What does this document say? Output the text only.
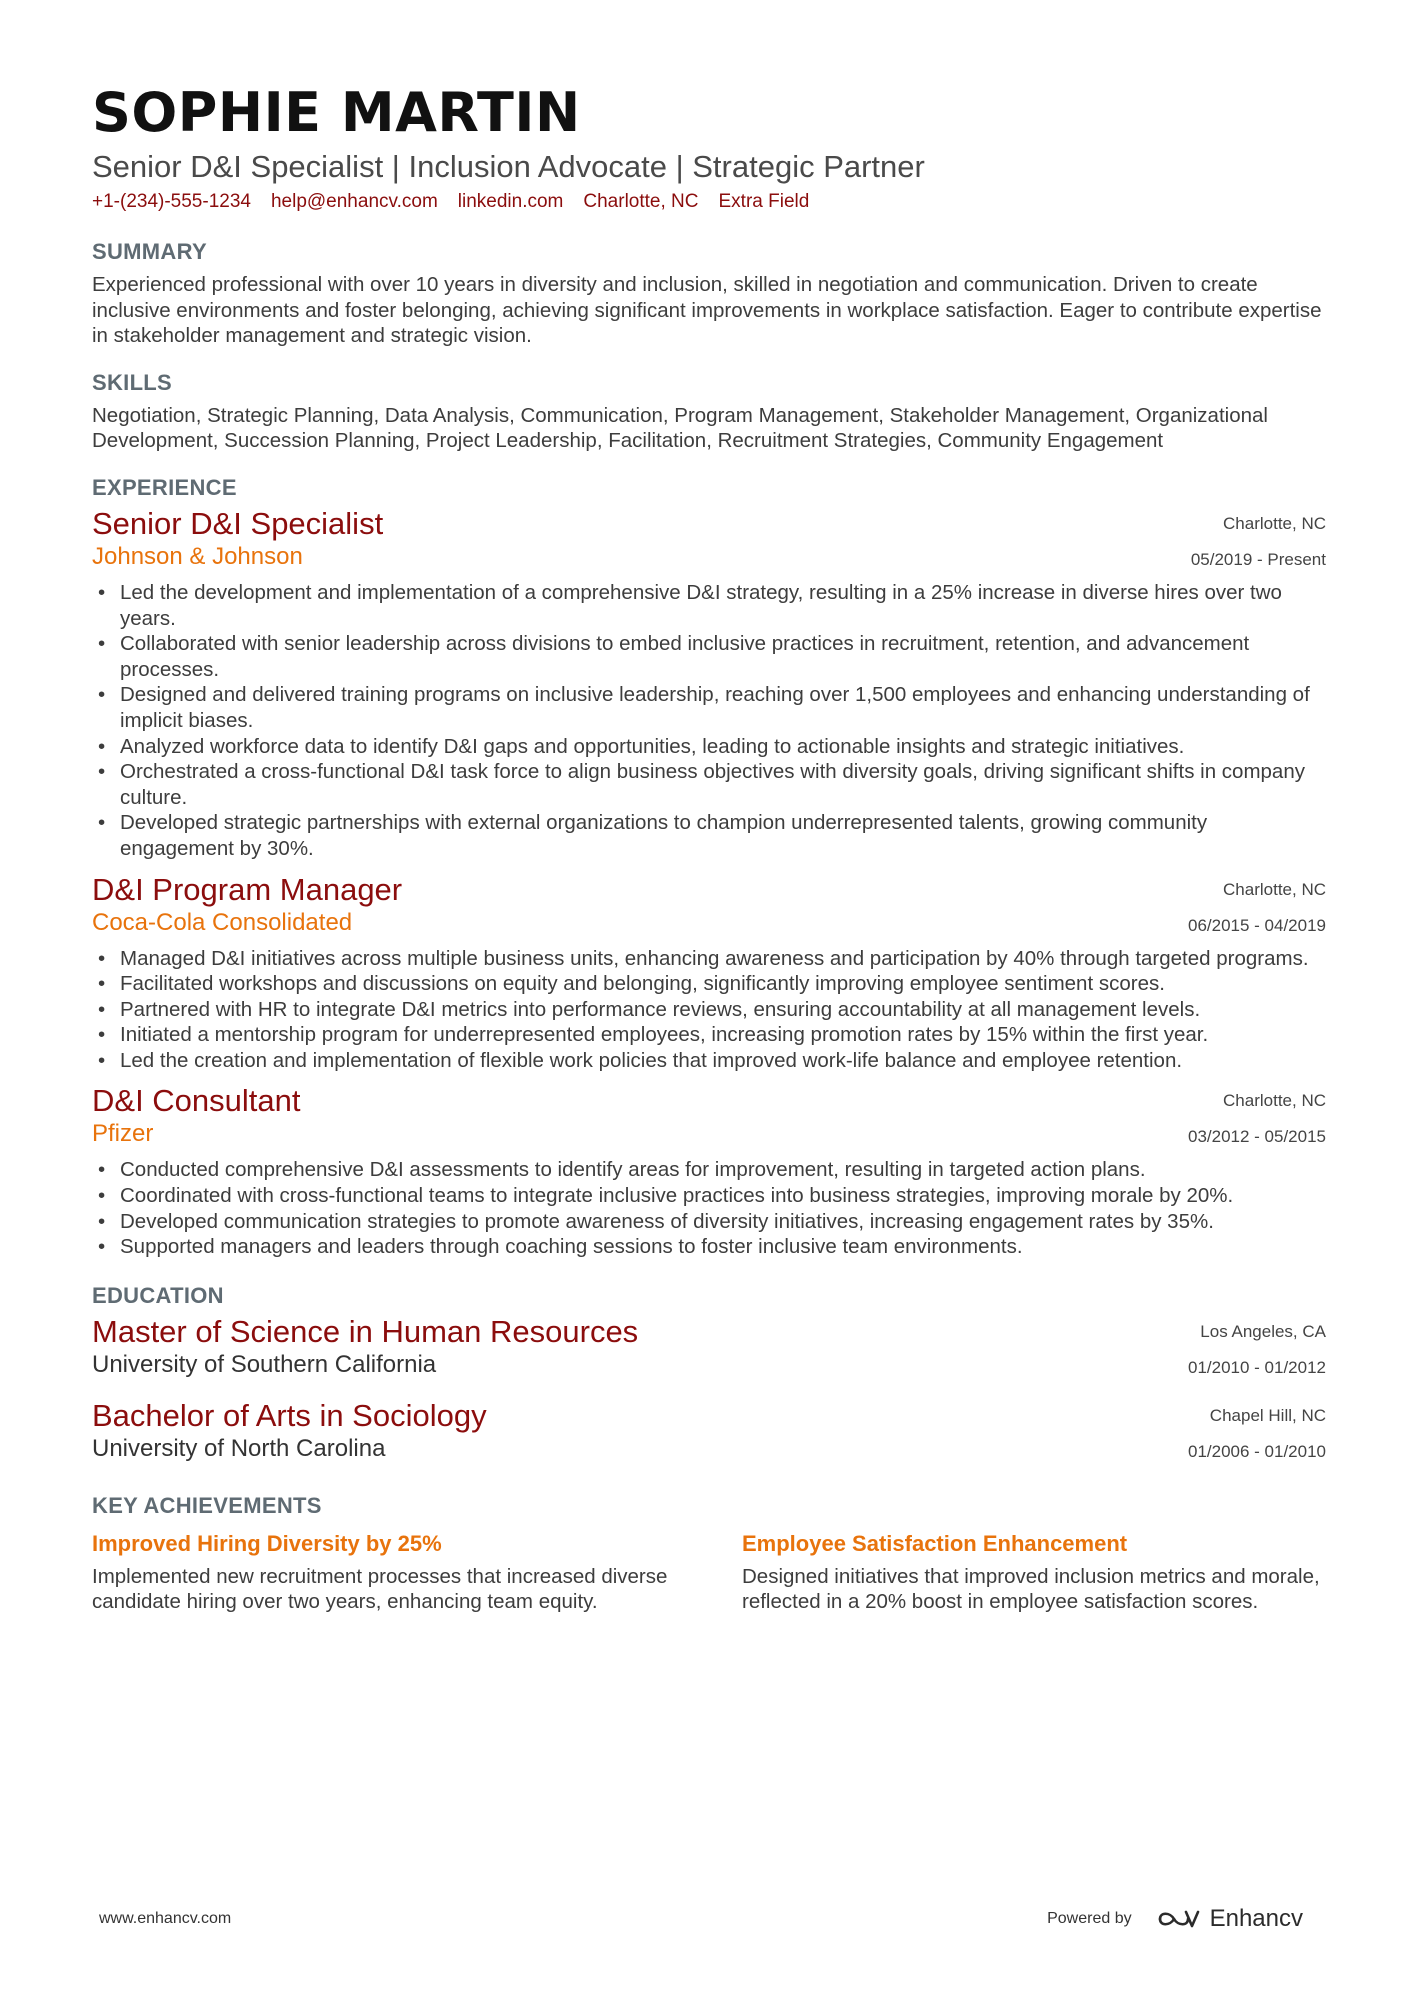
SOPHIE MARTIN
Senior D&I Specialist | Inclusion Advocate | Strategic Partner
+1-(234)-555-1234 help@enhancv.com linkedin.com Charlotte, NC Extra Field
SUMMARY
Experienced professional with over 10 years in diversity and inclusion, skilled in negotiation and communication. Driven to create inclusive environments and foster belonging, achieving significant improvements in workplace satisfaction. Eager to contribute expertise in stakeholder management and strategic vision.
SKILLS
Negotiation, Strategic Planning, Data Analysis, Communication, Program Management, Stakeholder Management, Organizational Development, Succession Planning, Project Leadership, Facilitation, Recruitment Strategies, Community Engagement
EXPERIENCE
Senior D&I Specialist
Johnson & Johnson
Charlotte, NC
05/2019 - Present
• Led the development and implementation of a comprehensive D&I strategy, resulting in a 25% increase in diverse hires over two years.
• Collaborated with senior leadership across divisions to embed inclusive practices in recruitment, retention, and advancement processes.
• Designed and delivered training programs on inclusive leadership, reaching over 1,500 employees and enhancing understanding of implicit biases.
• Analyzed workforce data to identify D&I gaps and opportunities, leading to actionable insights and strategic initiatives.
• Orchestrated a cross-functional D&I task force to align business objectives with diversity goals, driving significant shifts in company culture.
• Developed strategic partnerships with external organizations to champion underrepresented talents, growing community engagement by 30%.
D&I Program Manager
Coca-Cola Consolidated
Charlotte, NC
06/2015 - 04/2019
• Managed D&I initiatives across multiple business units, enhancing awareness and participation by 40% through targeted programs.
• Facilitated workshops and discussions on equity and belonging, significantly improving employee sentiment scores.
• Partnered with HR to integrate D&I metrics into performance reviews, ensuring accountability at all management levels.
• Initiated a mentorship program for underrepresented employees, increasing promotion rates by 15% within the first year.
• Led the creation and implementation of flexible work policies that improved work-life balance and employee retention.
D&I Consultant
Pfizer
Charlotte, NC
03/2012 - 05/2015
• Conducted comprehensive D&I assessments to identify areas for improvement, resulting in targeted action plans.
• Coordinated with cross-functional teams to integrate inclusive practices into business strategies, improving morale by 20%.
• Developed communication strategies to promote awareness of diversity initiatives, increasing engagement rates by 35%.
• Supported managers and leaders through coaching sessions to foster inclusive team environments.
EDUCATION
Master of Science in Human Resources
University of Southern California
Los Angeles, CA
01/2010 - 01/2012
Bachelor of Arts in Sociology
University of North Carolina
Chapel Hill, NC
01/2006 - 01/2010
KEY ACHIEVEMENTS
Improved Hiring Diversity by 25%
Implemented new recruitment processes that increased diverse candidate hiring over two years, enhancing team equity.
Employee Satisfaction Enhancement
Designed initiatives that improved inclusion metrics and morale, reflected in a 20% boost in employee satisfaction scores.
www.enhancv.com	Powered by	Enhancv
